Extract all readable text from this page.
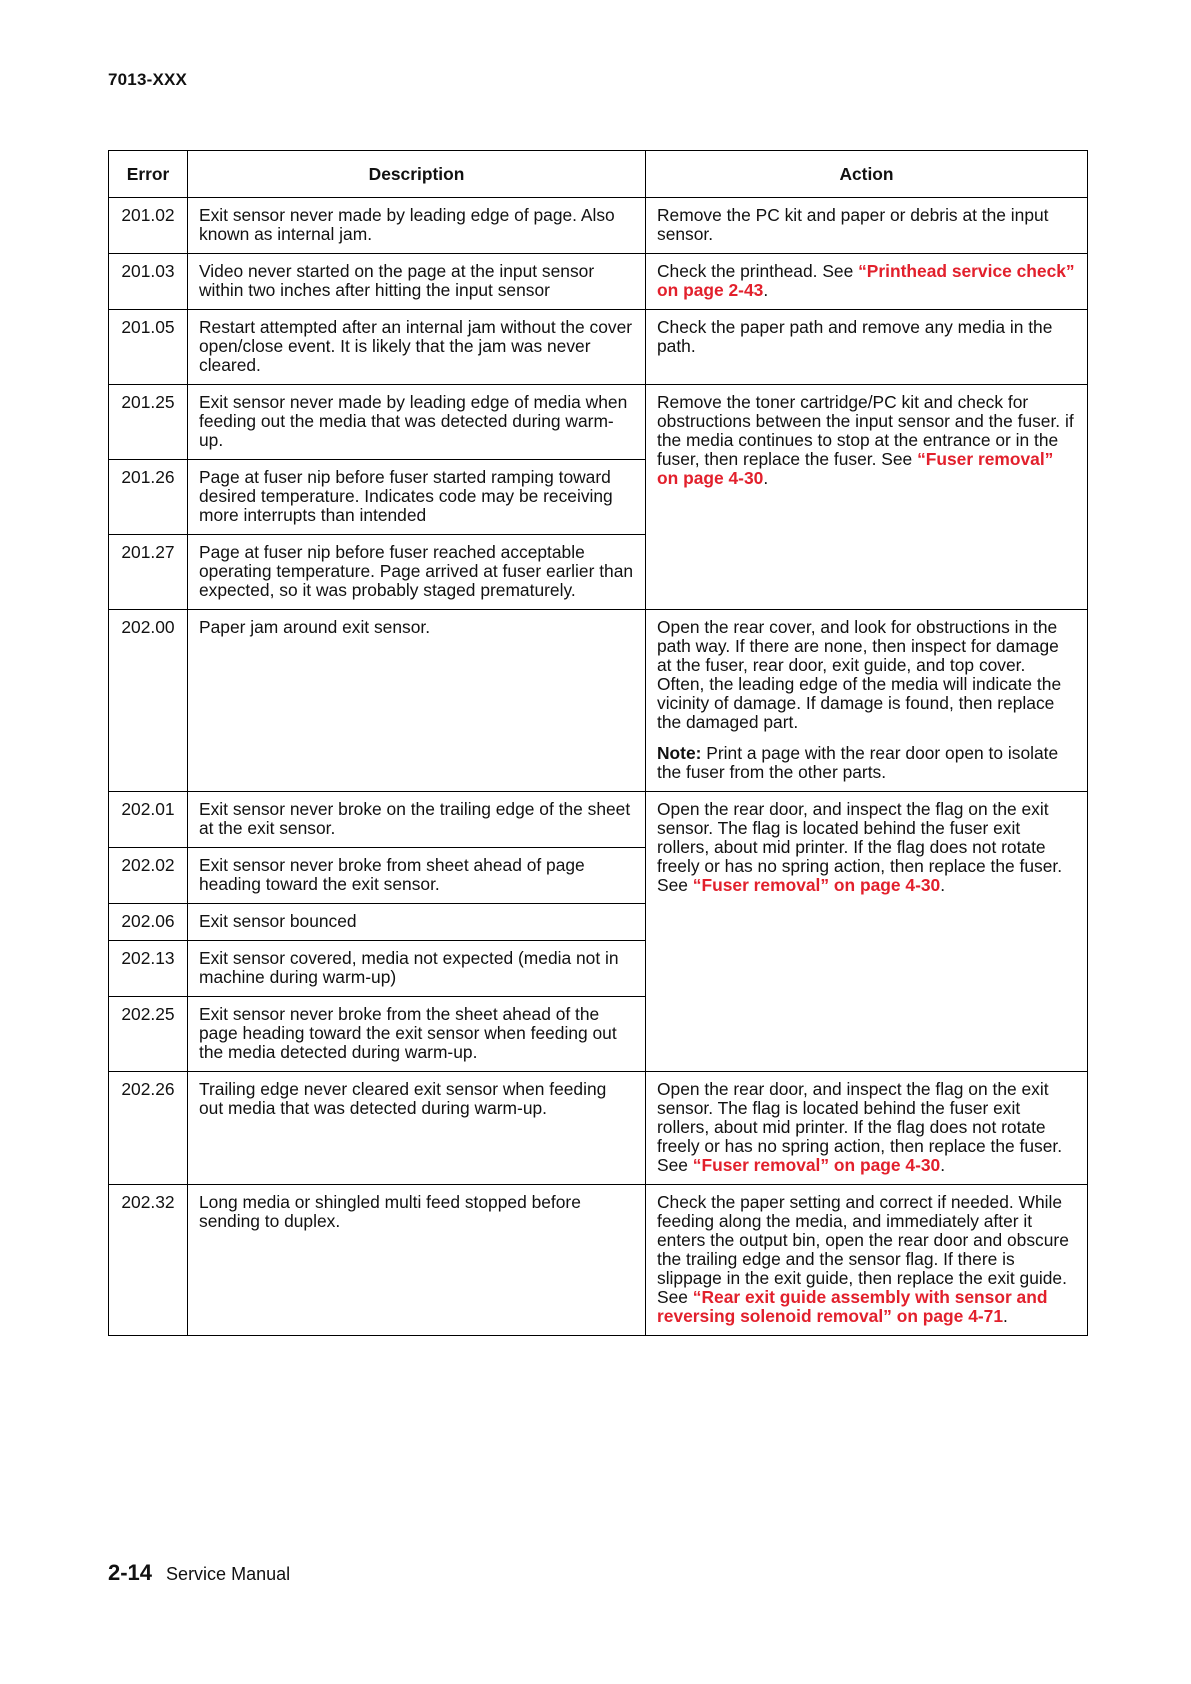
7013-XXX
Error	Description	Action
201.02	Exit sensor never made by leading edge of page. Also known as internal jam.	Remove the PC kit and paper or debris at the input sensor.
201.03	Video never started on the page at the input sensor within two inches after hitting the input sensor	Check the printhead. See “Printhead service check” on page 2-43.
201.05	Restart attempted after an internal jam without the cover open/close event. It is likely that the jam was never cleared.	Check the paper path and remove any media in the path.
201.25	Exit sensor never made by leading edge of media when feeding out the media that was detected during warm-up.	Remove the toner cartridge/PC kit and check for obstructions between the input sensor and the fuser. if the media continues to stop at the entrance or in the fuser, then replace the fuser. See “Fuser removal” on page 4-30.
201.26	Page at fuser nip before fuser started ramping toward desired temperature. Indicates code may be receiving more interrupts than intended	
201.27	Page at fuser nip before fuser reached acceptable operating temperature. Page arrived at fuser earlier than expected, so it was probably staged prematurely.	
202.00	Paper jam around exit sensor.	Open the rear cover, and look for obstructions in the path way. If there are none, then inspect for damage at the fuser, rear door, exit guide, and top cover. Often, the leading edge of the media will indicate the vicinity of damage. If damage is found, then replace the damaged part.

Note: Print a page with the rear door open to isolate the fuser from the other parts.

202.01	Exit sensor never broke on the trailing edge of the sheet at the exit sensor.	Open the rear door, and inspect the flag on the exit sensor. The flag is located behind the fuser exit rollers, about mid printer. If the flag does not rotate freely or has no spring action, then replace the fuser. See “Fuser removal” on page 4-30.
202.02	Exit sensor never broke from sheet ahead of page heading toward the exit sensor.	
202.06	Exit sensor bounced	
202.13	Exit sensor covered, media not expected (media not in machine during warm-up)	
202.25	Exit sensor never broke from the sheet ahead of the page heading toward the exit sensor when feeding out the media detected during warm-up.	
202.26	Trailing edge never cleared exit sensor when feeding out media that was detected during warm-up.	Open the rear door, and inspect the flag on the exit sensor. The flag is located behind the fuser exit rollers, about mid printer. If the flag does not rotate freely or has no spring action, then replace the fuser. See “Fuser removal” on page 4-30.
202.32	Long media or shingled multi feed stopped before sending to duplex.	Check the paper setting and correct if needed. While feeding along the media, and immediately after it enters the output bin, open the rear door and obscure the trailing edge and the sensor flag. If there is slippage in the exit guide, then replace the exit guide. See “Rear exit guide assembly with sensor and reversing solenoid removal” on page 4-71.
2-14 Service Manual
